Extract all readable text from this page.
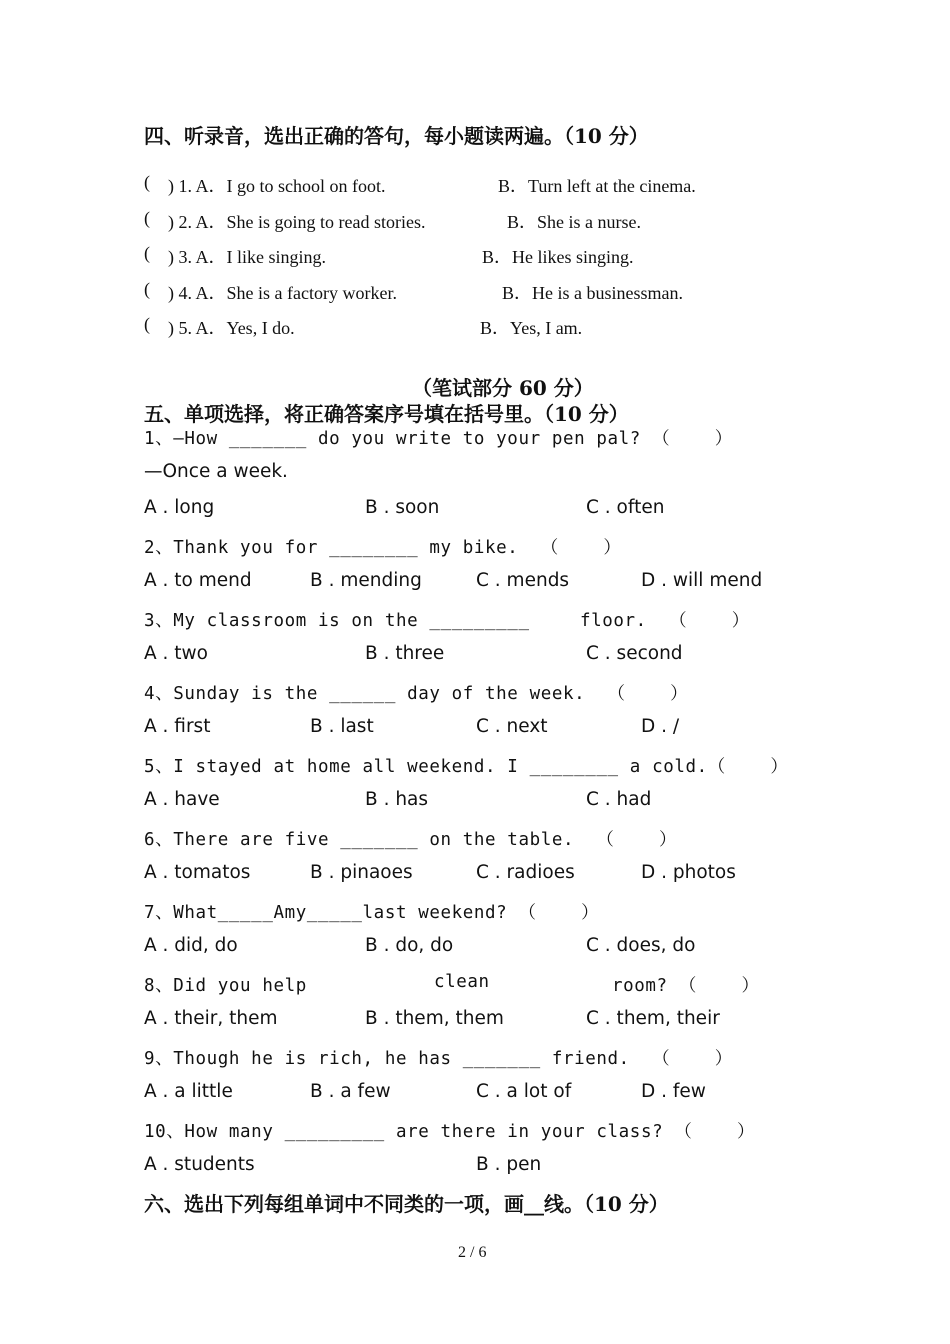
四、听录音，选出正确的答句，每小题读两遍。（10 分）
( ) 1. A．I go to school on foot.	B．Turn left at the cinema.
( ) 2. A．She is going to read stories.	B．She is a nurse.
( ) 3. A．I like singing.	B．He likes singing.
( ) 4. A．She is a factory worker.	B．He is a businessman.
( ) 5. A．Yes, I do.	B．Yes, I am.
（笔试部分 60 分）
五、单项选择，将正确答案序号填在括号里。（10 分）
1、—How _______ do you write to your pen pal? （    ）
—Once a week.
A . long	B . soon	C . often
2、Thank you for ________ my bike.  （    ）
A . to mend	B . mending	C . mends	D . will mend
3、My classroom is on the _________	floor.  （    ）
A . two	B . three	C . second
4、Sunday is the ______ day of the week.  （    ）
A . first	B . last	C . next	D . /
5、I stayed at home all weekend. I ________ a cold.（    ）
A . have	B . has	C . had
6、There are five _______ on the table.  （    ）
A . tomatos	B . pinaoes	C . radioes	D . photos
7、What_____Amy_____last weekend? （    ）
A . did, do	B . do, do	C . does, do
8、Did you help	clean	room? （    ）
A . their, them	B . them, them	C . them, their
9、Though he is rich, he has _______ friend.  （    ）
A . a little	B . a few	C . a lot of	D . few
10、How many _________ are there in your class? （    ）
A . students	B . pen
六、选出下列每组单词中不同类的一项，画__线。（10 分）
2 / 6
